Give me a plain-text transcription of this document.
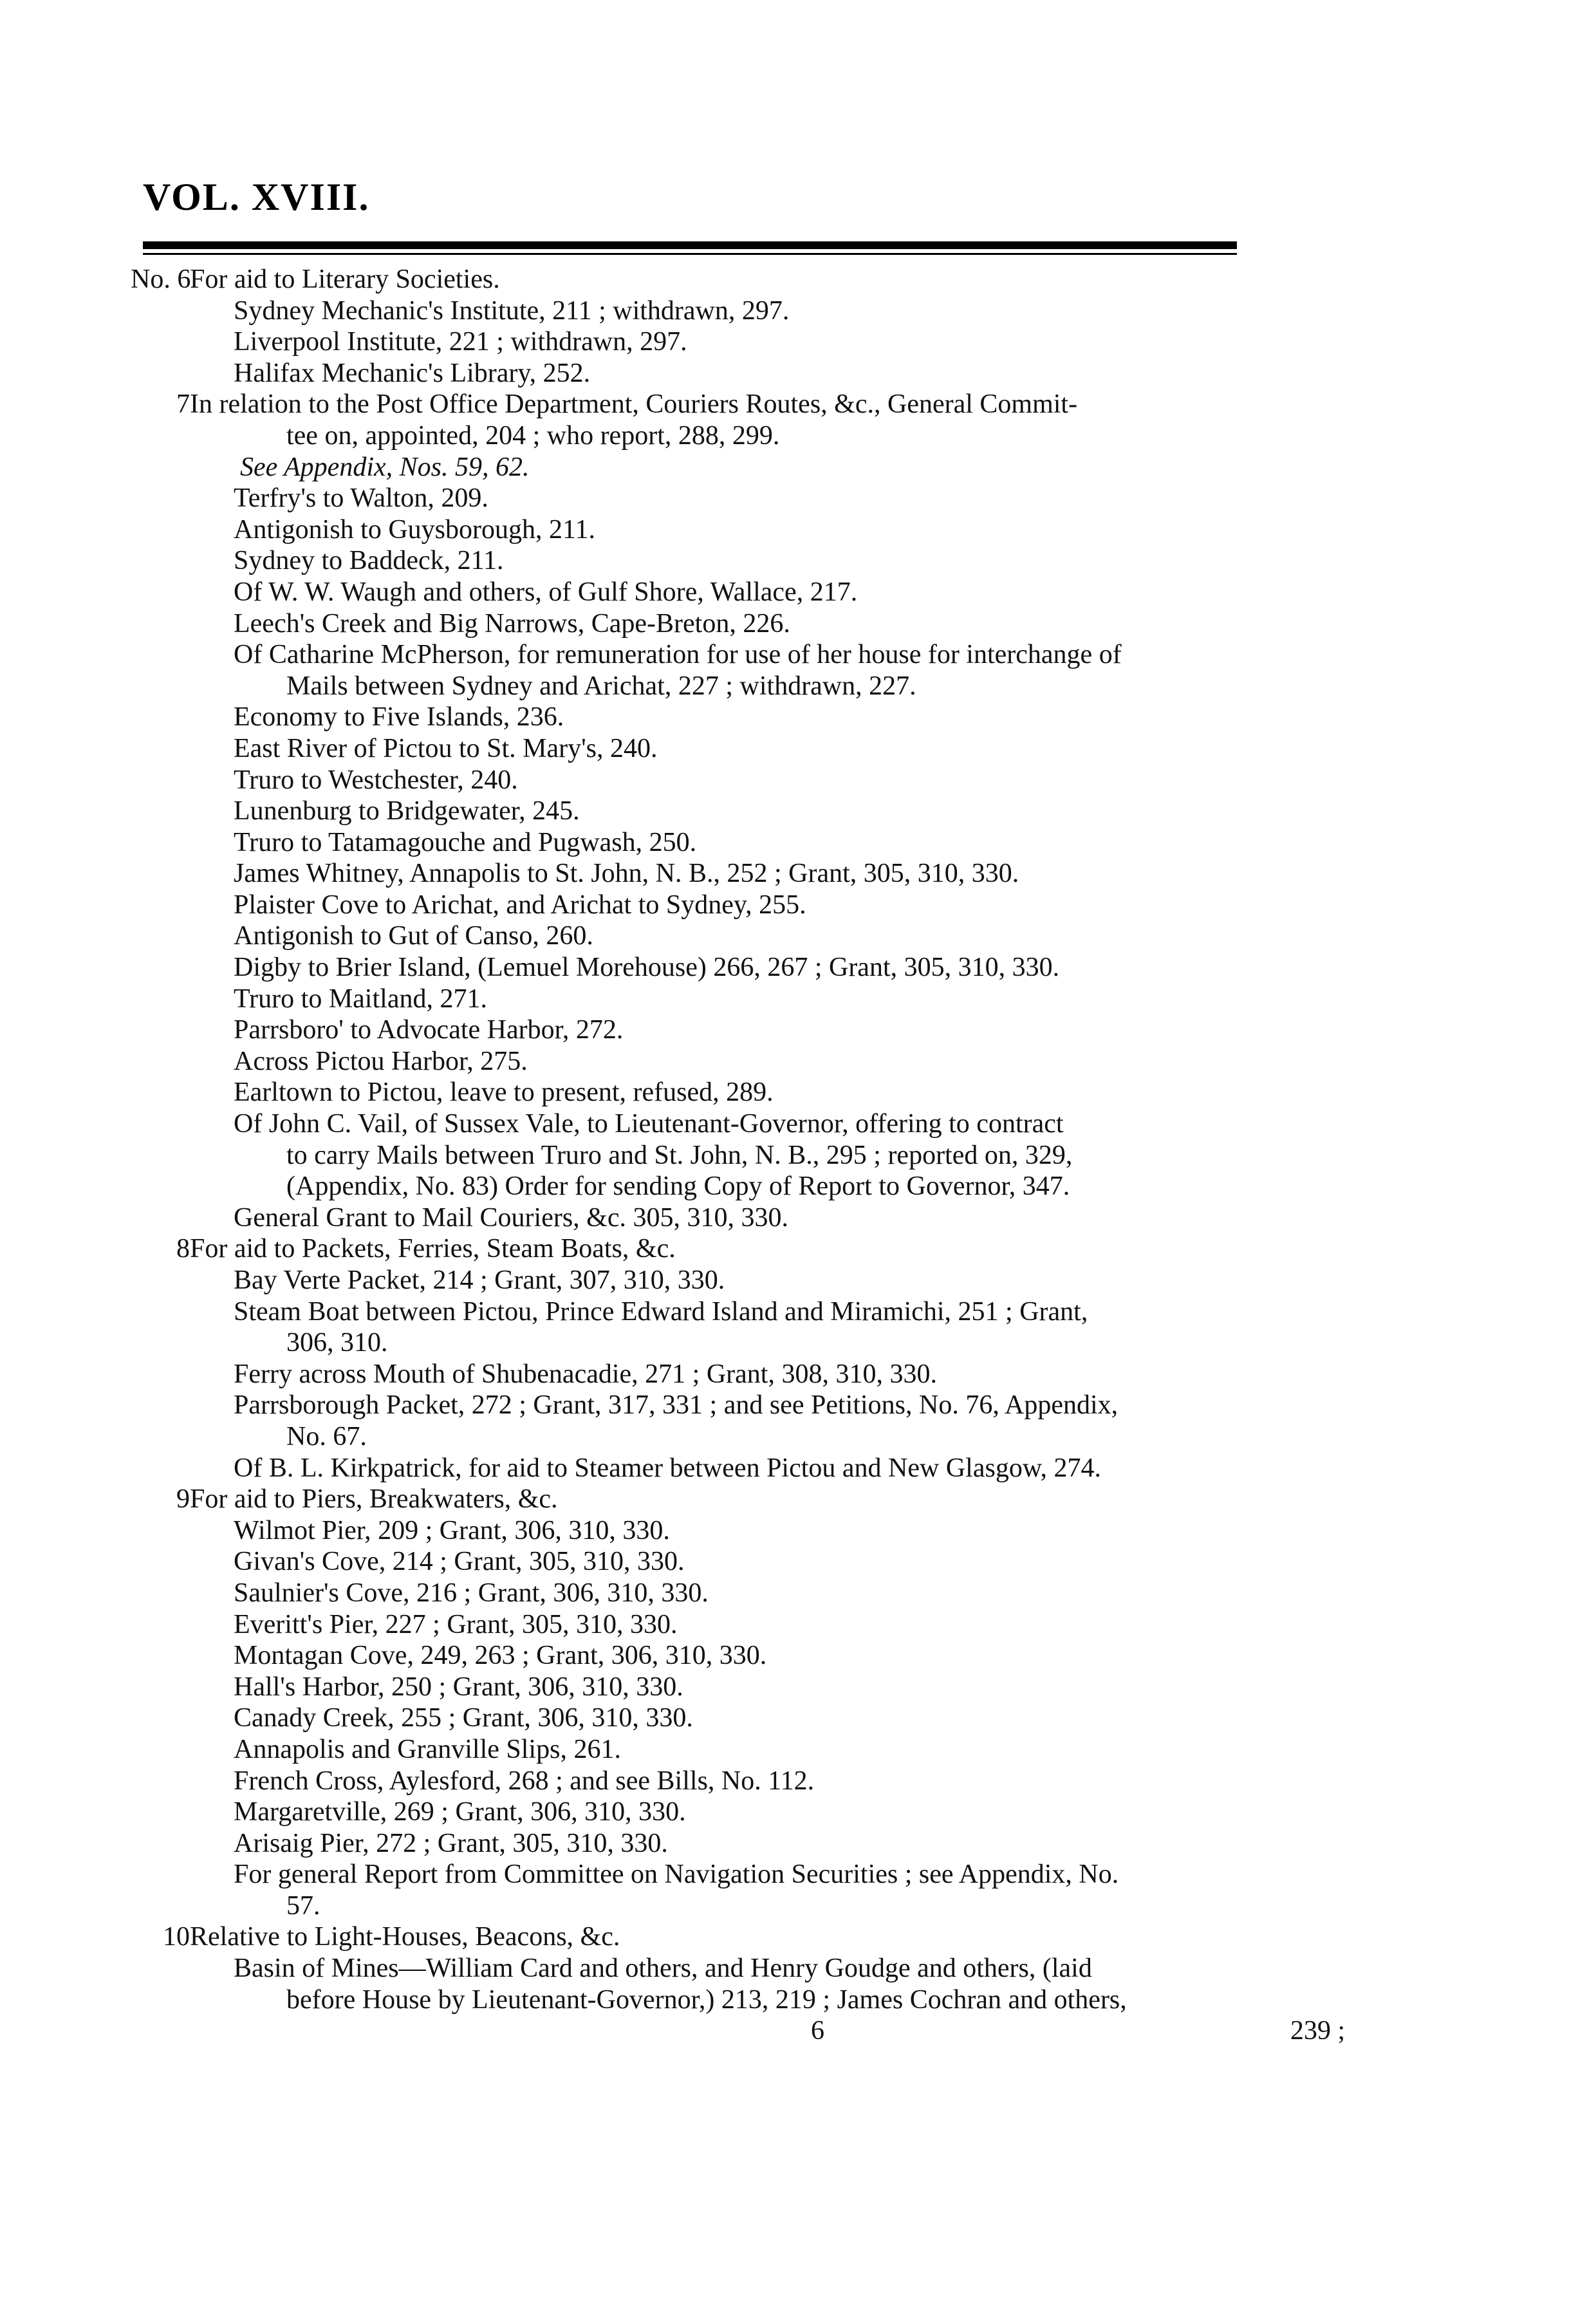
VOL. XVIII.
No. 6
For aid to Literary Societies.
Sydney Mechanic's Institute, 211 ; withdrawn, 297.
Liverpool Institute, 221 ; withdrawn, 297.
Halifax Mechanic's Library, 252.
7 In relation to the Post Office Department, Couriers Routes, &c., General Commit-
tee on, appointed, 204 ; who report, 288, 299.
See Appendix, Nos. 59, 62.
Terfry's to Walton, 209.
Antigonish to Guysborough, 211.
Sydney to Baddeck, 211.
Of W. W. Waugh and others, of Gulf Shore, Wallace, 217.
Leech's Creek and Big Narrows, Cape-Breton, 226.
Of Catharine McPherson, for remuneration for use of her house for interchange of
Mails between Sydney and Arichat, 227 ; withdrawn, 227.
Economy to Five Islands, 236.
East River of Pictou to St. Mary's, 240.
Truro to Westchester, 240.
Lunenburg to Bridgewater, 245.
Truro to Tatamagouche and Pugwash, 250.
James Whitney, Annapolis to St. John, N. B., 252 ; Grant, 305, 310, 330.
Plaister Cove to Arichat, and Arichat to Sydney, 255.
Antigonish to Gut of Canso, 260.
Digby to Brier Island, (Lemuel Morehouse) 266, 267 ; Grant, 305, 310, 330.
Truro to Maitland, 271.
Parrsboro' to Advocate Harbor, 272.
Across Pictou Harbor, 275.
Earltown to Pictou, leave to present, refused, 289.
Of John C. Vail, of Sussex Vale, to Lieutenant-Governor, offering to contract
to carry Mails between Truro and St. John, N. B., 295 ; reported on, 329,
(Appendix, No. 83) Order for sending Copy of Report to Governor, 347.
General Grant to Mail Couriers, &c. 305, 310, 330.
8 For aid to Packets, Ferries, Steam Boats, &c.
Bay Verte Packet, 214 ; Grant, 307, 310, 330.
Steam Boat between Pictou, Prince Edward Island and Miramichi, 251 ; Grant,
306, 310.
Ferry across Mouth of Shubenacadie, 271 ; Grant, 308, 310, 330.
Parrsborough Packet, 272 ; Grant, 317, 331 ; and see Petitions, No. 76, Appendix,
No. 67.
Of B. L. Kirkpatrick, for aid to Steamer between Pictou and New Glasgow, 274.
9 For aid to Piers, Breakwaters, &c.
Wilmot Pier, 209 ; Grant, 306, 310, 330.
Givan's Cove, 214 ; Grant, 305, 310, 330.
Saulnier's Cove, 216 ; Grant, 306, 310, 330.
Everitt's Pier, 227 ; Grant, 305, 310, 330.
Montagan Cove, 249, 263 ; Grant, 306, 310, 330.
Hall's Harbor, 250 ; Grant, 306, 310, 330.
Canady Creek, 255 ; Grant, 306, 310, 330.
Annapolis and Granville Slips, 261.
French Cross, Aylesford, 268 ; and see Bills, No. 112.
Margaretville, 269 ; Grant, 306, 310, 330.
Arisaig Pier, 272 ; Grant, 305, 310, 330.
For general Report from Committee on Navigation Securities ; see Appendix, No.
57.
10 Relative to Light-Houses, Beacons, &c.
Basin of Mines—William Card and others, and Henry Goudge and others, (laid
before House by Lieutenant-Governor,) 213, 219 ; James Cochran and others,
6	239 ;
